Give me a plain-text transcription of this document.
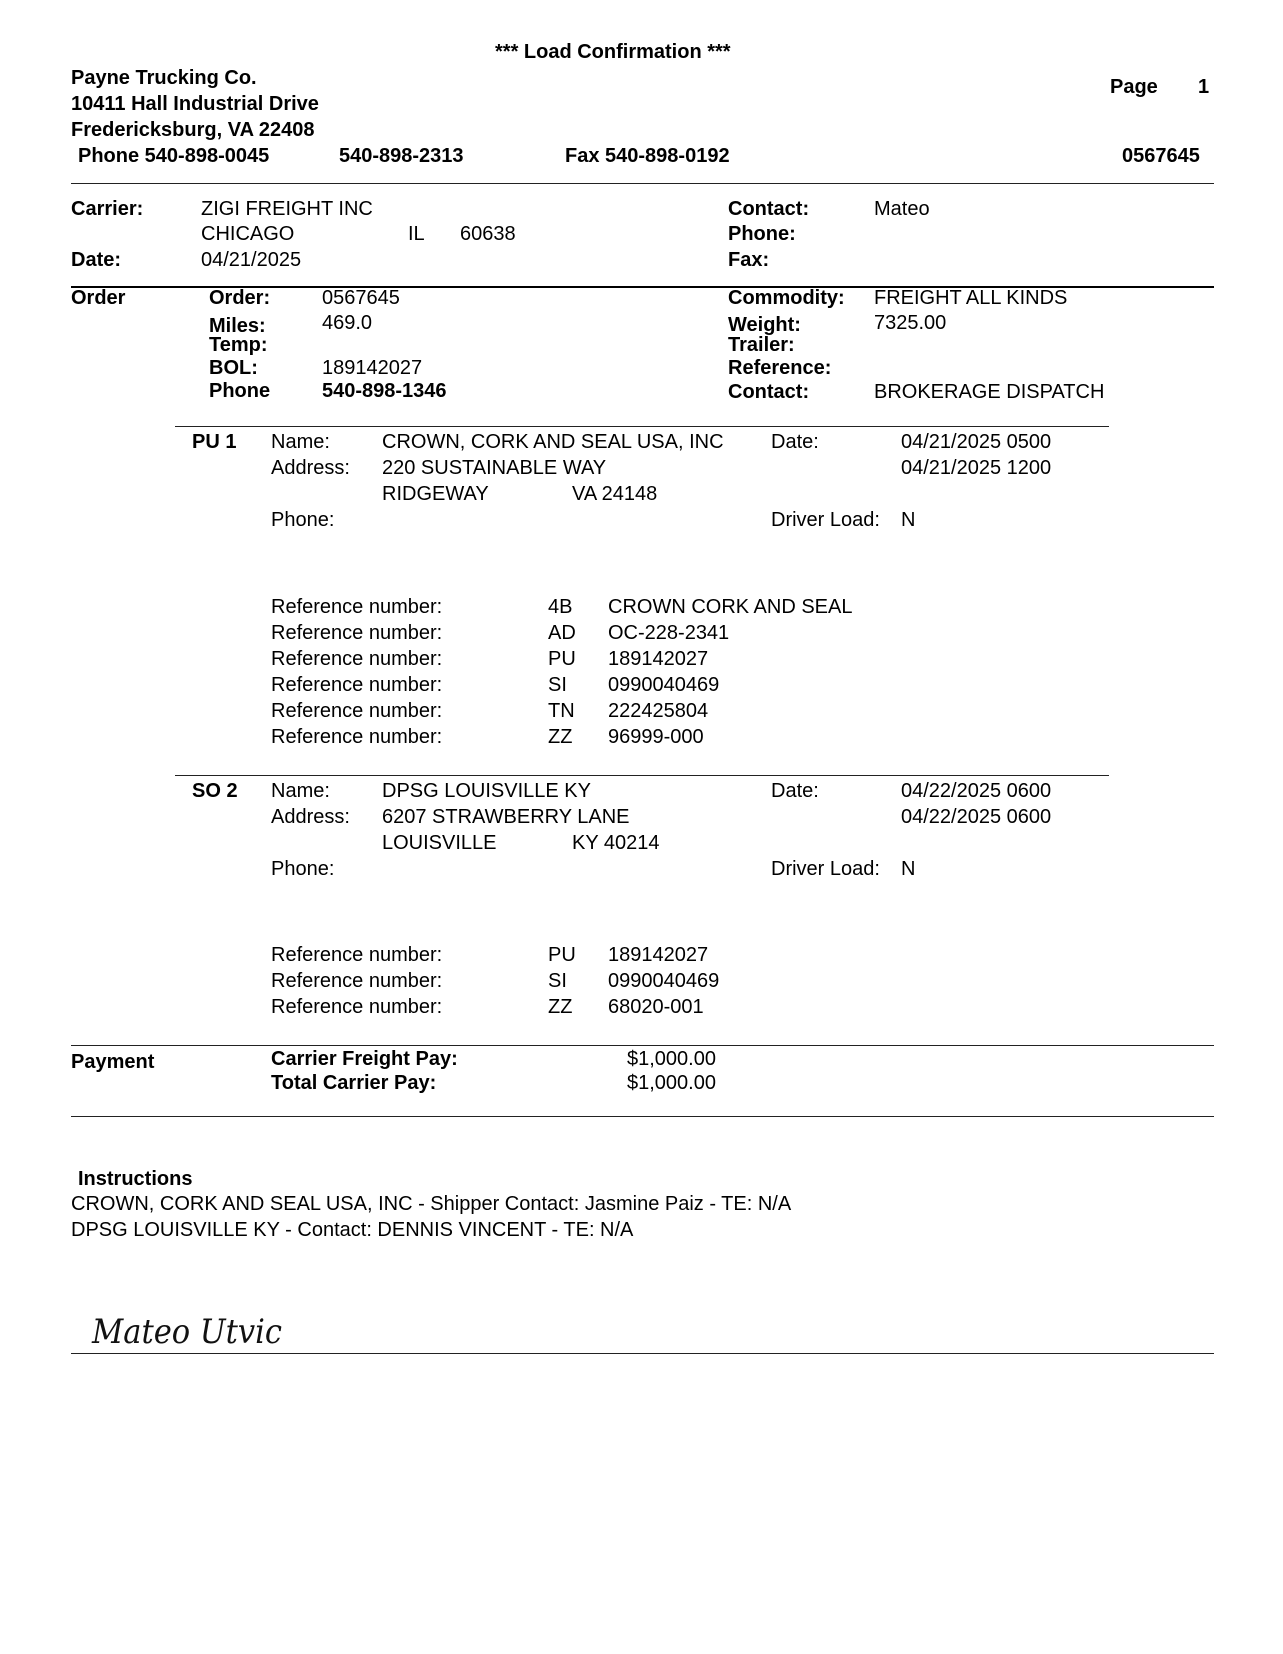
*** Load Confirmation ***
Payne Trucking Co.
10411 Hall Industrial Drive
Fredericksburg, VA 22408
Phone 540-898-0045	540-898-2313	Fax 540-898-0192
Page 1
0567645
Carrier:	ZIGI FREIGHT INC
CHICAGO	IL 60638
Date:	04/21/2025
Contact:	Mateo
Phone:
Fax:
Order	Order:	0567645
Miles:	469.0
Temp:
BOL:	189142027
Phone	540-898-1346
Commodity: FREIGHT ALL KINDS
Weight:	7325.00
Trailer:
Reference:
Contact:	BROKERAGE DISPATCH
PU 1 Name:	CROWN, CORK AND SEAL USA, INC
Address: 220 SUSTAINABLE WAY
RIDGEWAY	VA 24148
Phone:
Date:	04/21/2025 0500
04/21/2025 1200
Driver Load: N
Reference number:	4B CROWN CORK AND SEAL
Reference number:	AD OC-228-2341
Reference number:	PU 189142027
Reference number:	SI 0990040469
Reference number:	TN 222425804
Reference number:	ZZ 96999-000
SO 2 Name:	DPSG LOUISVILLE KY
Address: 6207 STRAWBERRY LANE
LOUISVILLE	KY 40214
Phone:
Date:	04/22/2025 0600
04/22/2025 0600
Driver Load: N
Reference number:	PU 189142027
Reference number:	SI 0990040469
Reference number:	ZZ 68020-001
Payment	Carrier Freight Pay:	$1,000.00
Total Carrier Pay:	$1,000.00
Instructions
CROWN, CORK AND SEAL USA, INC - Shipper Contact: Jasmine Paiz - TE: N/A
DPSG LOUISVILLE KY - Contact: DENNIS VINCENT - TE: N/A
Mateo Utvic
